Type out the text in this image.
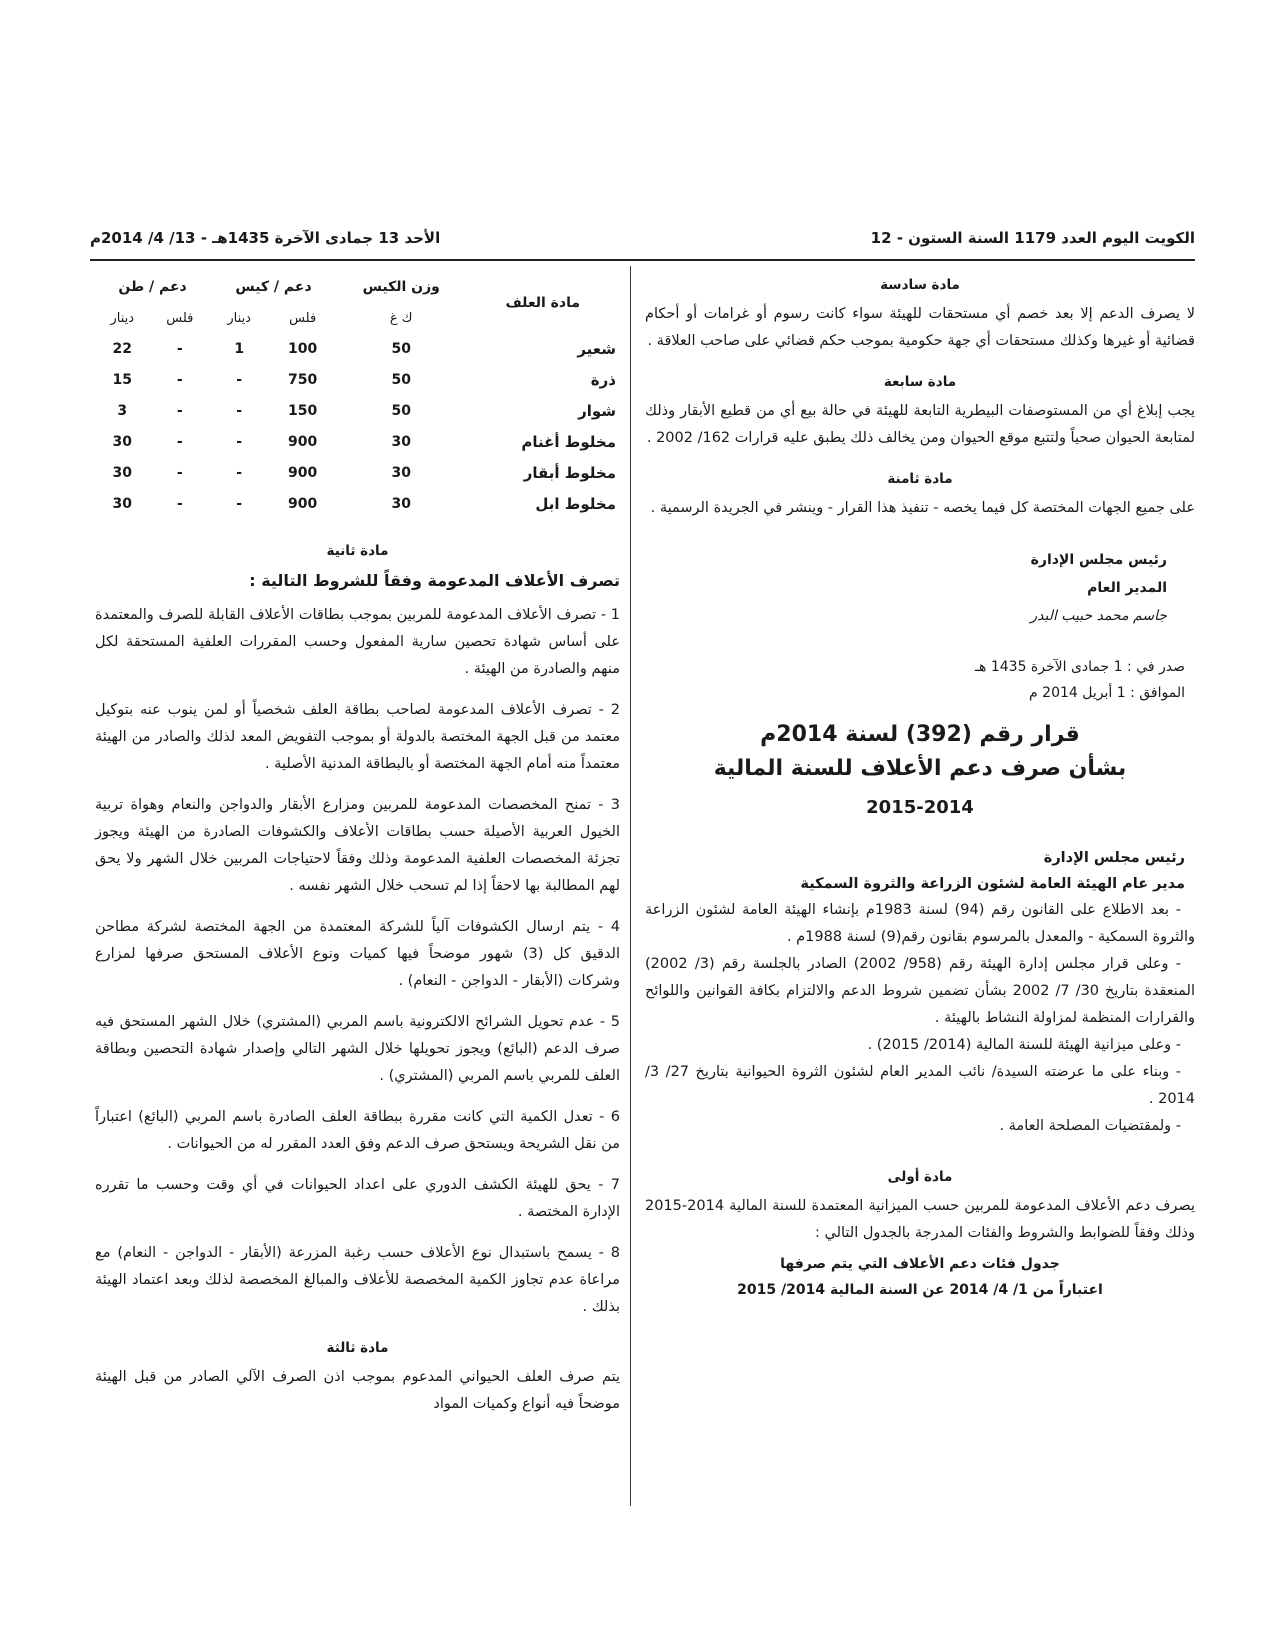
الكويت اليوم العدد 1179 السنة الستون - 12
الأحد 13 جمادى الآخرة 1435هـ - 13/ 4/ 2014م
مادة سادسة

لا يصرف الدعم إلا بعد خصم أي مستحقات للهيئة سواء كانت رسوم أو غرامات أو أحكام قضائية أو غيرها وكذلك مستحقات أي جهة حكومية بموجب حكم قضائي على صاحب العلاقة .

مادة سابعة

يجب إبلاغ أي من المستوصفات البيطرية التابعة للهيئة في حالة بيع أي من قطيع الأبقار وذلك لمتابعة الحيوان صحياً ولتتبع موقع الحيوان ومن يخالف ذلك يطبق عليه قرارات 162/ 2002 .

مادة ثامنة

على جميع الجهات المختصة كل فيما يخصه - تنفيذ هذا القرار - وينشر في الجريدة الرسمية .

رئيس مجلس الإدارة
المدير العام
جاسم محمد حبيب البدر
صدر في : 1 جمادى الآخرة 1435 هـ
الموافق : 1 أبريل 2014 م
قرار رقم (392) لسنة 2014م
بشأن صرف دعم الأعلاف للسنة المالية
2015-2014
رئيس مجلس الإدارة
مدير عام الهيئة العامة لشئون الزراعة والثروة السمكية

- بعد الاطلاع على القانون رقم (94) لسنة 1983م بإنشاء الهيئة العامة لشئون الزراعة والثروة السمكية - والمعدل بالمرسوم بقانون رقم(9) لسنة 1988م .

- وعلى قرار مجلس إدارة الهيئة رقم (958/ 2002) الصادر بالجلسة رقم (3/ 2002) المنعقدة بتاريخ 30/ 7/ 2002 بشأن تضمين شروط الدعم والالتزام بكافة القوانين واللوائح والقرارات المنظمة لمزاولة النشاط بالهيئة .

- وعلى ميزانية الهيئة للسنة المالية (2014/ 2015) .

- وبناء على ما عرضته السيدة/ نائب المدير العام لشئون الثروة الحيوانية بتاريخ 27/ 3/ 2014 .

- ولمقتضيات المصلحة العامة .

مادة أولى

يصرف دعم الأعلاف المدعومة للمربين حسب الميزانية المعتمدة للسنة المالية 2014-2015 وذلك وفقاً للضوابط والشروط والفئات المدرجة بالجدول التالي :

جدول فئات دعم الأعلاف التي يتم صرفها
اعتباراً من 1/ 4/ 2014 عن السنة المالية 2014/ 2015
مادة العلف	وزن الكيس	دعم / كيس		دعم / طن	
	ك غ	فلس	دينار	فلس	دينار
شعير	50	100	1	-	22
ذرة	50	750	-	-	15
شوار	50	150	-	-	3
مخلوط أغنام	30	900	-	-	30
مخلوط أبقار	30	900	-	-	30
مخلوط ابل	30	900	-	-	30
مادة ثانية
تصرف الأعلاف المدعومة وفقاً للشروط التالية :

1 - تصرف الأعلاف المدعومة للمربين بموجب بطاقات الأعلاف القابلة للصرف والمعتمدة على أساس شهادة تحصين سارية المفعول وحسب المقررات العلفية المستحقة لكل منهم والصادرة من الهيئة .

2 - تصرف الأعلاف المدعومة لصاحب بطاقة العلف شخصياً أو لمن ينوب عنه بتوكيل معتمد من قبل الجهة المختصة بالدولة أو بموجب التفويض المعد لذلك والصادر من الهيئة معتمداً منه أمام الجهة المختصة أو بالبطاقة المدنية الأصلية .

3 - تمنح المخصصات المدعومة للمربين ومزارع الأبقار والدواجن والنعام وهواة تربية الخيول العربية الأصيلة حسب بطاقات الأعلاف والكشوفات الصادرة من الهيئة ويجوز تجزئة المخصصات العلفية المدعومة وذلك وفقاً لاحتياجات المربين خلال الشهر ولا يحق لهم المطالبة بها لاحقاً إذا لم تسحب خلال الشهر نفسه .

4 - يتم ارسال الكشوفات آلياً للشركة المعتمدة من الجهة المختصة لشركة مطاحن الدقيق كل (3) شهور موضحاً فيها كميات ونوع الأعلاف المستحق صرفها لمزارع وشركات (الأبقار - الدواجن - النعام) .

5 - عدم تحويل الشرائح الالكترونية باسم المربي (المشتري) خلال الشهر المستحق فيه صرف الدعم (البائع) ويجوز تحويلها خلال الشهر التالي وإصدار شهادة التحصين وبطاقة العلف للمربي باسم المربي (المشتري) .

6 - تعدل الكمية التي كانت مقررة ببطاقة العلف الصادرة باسم المربي (البائع) اعتباراً من نقل الشريحة ويستحق صرف الدعم وفق العدد المقرر له من الحيوانات .

7 - يحق للهيئة الكشف الدوري على اعداد الحيوانات في أي وقت وحسب ما تقرره الإدارة المختصة .

8 - يسمح باستبدال نوع الأعلاف حسب رغبة المزرعة (الأبقار - الدواجن - النعام) مع مراعاة عدم تجاوز الكمية المخصصة للأعلاف والمبالغ المخصصة لذلك وبعد اعتماد الهيئة بذلك .

مادة ثالثة

يتم صرف العلف الحيواني المدعوم بموجب اذن الصرف الآلي الصادر من قبل الهيئة موضحاً فيه أنواع وكميات المواد
